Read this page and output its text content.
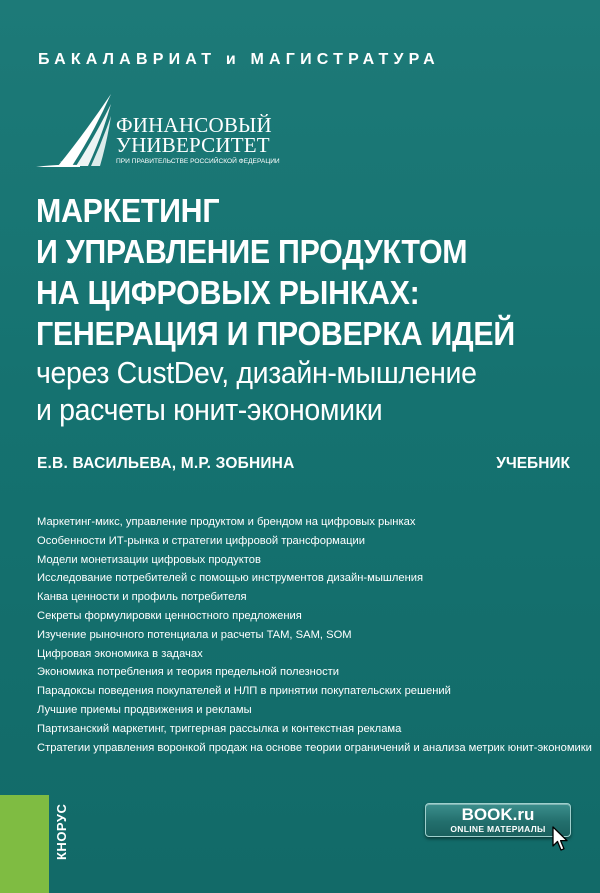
БАКАЛАВРИАТ и МАГИСТРАТУРА
1919
ФИНАНСОВЫЙ
УНИВЕРСИТЕТ
ПРИ ПРАВИТЕЛЬСТВЕ РОССИЙСКОЙ ФЕДЕРАЦИИ
МАРКЕТИНГ
И УПРАВЛЕНИЕ ПРОДУКТОМ
НА ЦИФРОВЫХ РЫНКАХ:
ГЕНЕРАЦИЯ И ПРОВЕРКА ИДЕЙ
через CustDev, дизайн-мышление
и расчеты юнит-экономики
Е.В. ВАСИЛЬЕВА, М.Р. ЗОБНИНА	УЧЕБНИК
Маркетинг-микс, управление продуктом и брендом на цифровых рынках
Особенности ИТ-рынка и стратегии цифровой трансформации
Модели монетизации цифровых продуктов
Исследование потребителей с помощью инструментов дизайн-мышления
Канва ценности и профиль потребителя
Секреты формулировки ценностного предложения
Изучение рыночного потенциала и расчеты TAM, SAM, SOM
Цифровая экономика в задачах
Экономика потребления и теория предельной полезности
Парадоксы поведения покупателей и НЛП в принятии покупательских решений
Лучшие приемы продвижения и рекламы
Партизанский маркетинг, триггерная рассылка и контекстная реклама
Стратегии управления воронкой продаж на основе теории ограничений и анализа метрик юнит-экономики
КНОРУС	BOOK.ru
ONLINE МАТЕРИАЛЫ
